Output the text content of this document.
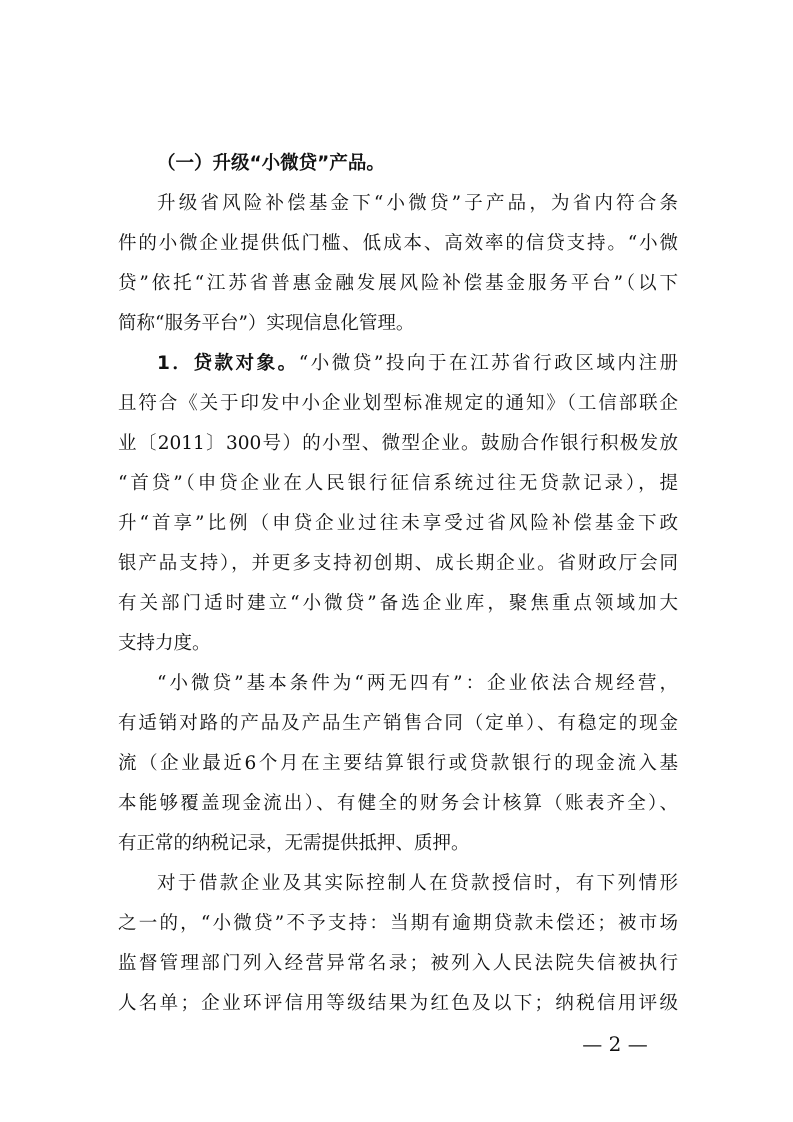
（一）升级“小微贷”产品。

升级省风险补偿基金下“小微贷”子产品，为省内符合条

件的小微企业提供低门槛、低成本、高效率的信贷支持。“小微

贷”依托“江苏省普惠金融发展风险补偿基金服务平台”（以下

简称“服务平台”）实现信息化管理。

1．贷款对象。“小微贷”投向于在江苏省行政区域内注册

且符合《关于印发中小企业划型标准规定的通知》（工信部联企

业〔2011〕300号）的小型、微型企业。鼓励合作银行积极发放

“首贷”（申贷企业在人民银行征信系统过往无贷款记录），提

升“首享”比例（申贷企业过往未享受过省风险补偿基金下政

银产品支持），并更多支持初创期、成长期企业。省财政厅会同

有关部门适时建立“小微贷”备选企业库，聚焦重点领域加大

支持力度。

“小微贷”基本条件为“两无四有”：企业依法合规经营，

有适销对路的产品及产品生产销售合同（定单）、有稳定的现金

流（企业最近6个月在主要结算银行或贷款银行的现金流入基

本能够覆盖现金流出）、有健全的财务会计核算（账表齐全）、

有正常的纳税记录，无需提供抵押、质押。

对于借款企业及其实际控制人在贷款授信时，有下列情形

之一的，“小微贷”不予支持：当期有逾期贷款未偿还；被市场

监督管理部门列入经营异常名录；被列入人民法院失信被执行

人名单；企业环评信用等级结果为红色及以下；纳税信用评级

— 2 —
